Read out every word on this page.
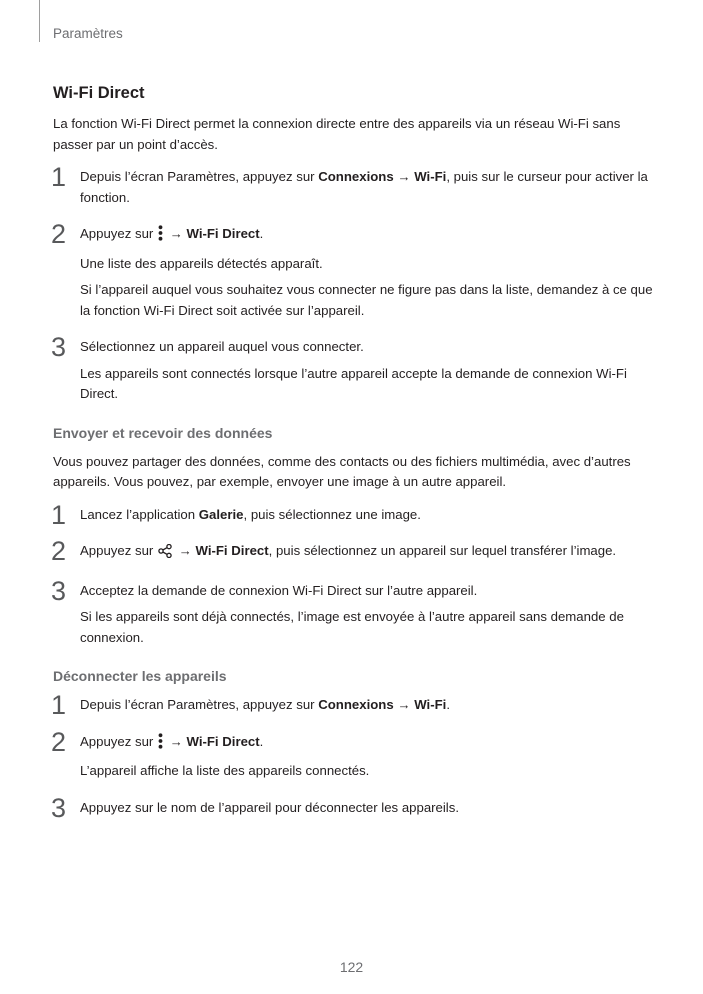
Paramètres
Wi-Fi Direct

La fonction Wi-Fi Direct permet la connexion directe entre des appareils via un réseau Wi-Fi sans passer par un point d’accès.

1 Depuis l’écran Paramètres, appuyez sur Connexions → Wi-Fi, puis sur le curseur pour activer la fonction.

2 Appuyez sur  → Wi-Fi Direct.

Une liste des appareils détectés apparaît.

Si l’appareil auquel vous souhaitez vous connecter ne figure pas dans la liste, demandez à ce que la fonction Wi-Fi Direct soit activée sur l’appareil.

3 Sélectionnez un appareil auquel vous connecter.

Les appareils sont connectés lorsque l’autre appareil accepte la demande de connexion Wi-Fi Direct.

Envoyer et recevoir des données

Vous pouvez partager des données, comme des contacts ou des fichiers multimédia, avec d’autres appareils. Vous pouvez, par exemple, envoyer une image à un autre appareil.

1 Lancez l’application Galerie, puis sélectionnez une image.

2 Appuyez sur  → Wi-Fi Direct, puis sélectionnez un appareil sur lequel transférer l’image.

3 Acceptez la demande de connexion Wi-Fi Direct sur l’autre appareil.

Si les appareils sont déjà connectés, l’image est envoyée à l’autre appareil sans demande de connexion.

Déconnecter les appareils
1 Depuis l’écran Paramètres, appuyez sur Connexions → Wi-Fi.

2 Appuyez sur  → Wi-Fi Direct.

L’appareil affiche la liste des appareils connectés.

3 Appuyez sur le nom de l’appareil pour déconnecter les appareils.

122
